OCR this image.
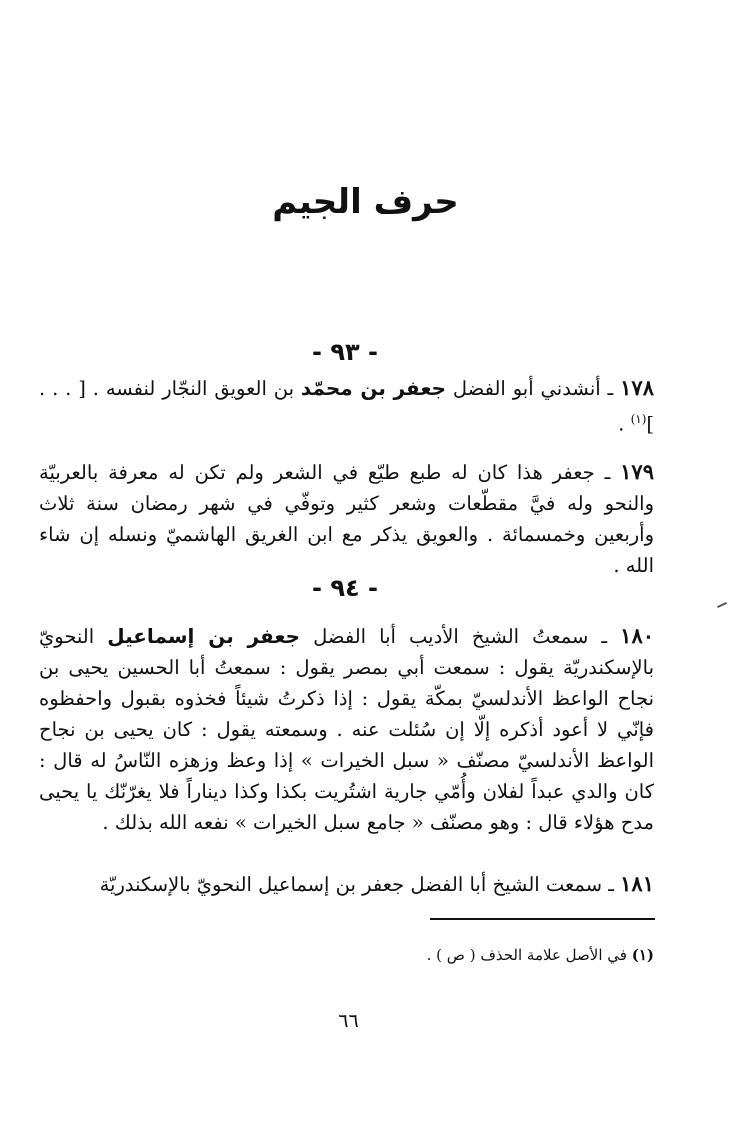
حرف الجيم

- ٩٣ -

١٧٨ ـ أنشدني أبو الفضل جعفر بن محمّد بن العويق النجّار لنفسه . [ . . . ]$^{(١)}$ .

١٧٩ ـ جعفر هذا كان له طبع طيّع في الشعر ولم تكن له معرفة بالعربيّة والنحو وله فيَّ مقطّعات وشعر كثير وتوفّي في شهر رمضان سنة ثلاث وأربعين وخمسمائة . والعويق يذكر مع ابن الغريق الهاشميّ ونسله إن شاء الله .

- ٩٤ -

١٨٠ ـ سمعتُ الشيخ الأديب أبا الفضل جعفر بن إسماعيل النحويّ بالإسكندريّة يقول : سمعت أبي بمصر يقول : سمعتُ أبا الحسين يحيى بن نجاح الواعظ الأندلسيّ بمكّة يقول : إذا ذكرتُ شيئاً فخذوه بقبول واحفظوه فإنّي لا أعود أذكره إلّا إن سُئلت عنه . وسمعته يقول : كان يحيى بن نجاح الواعظ الأندلسيّ مصنّف « سبل الخيرات » إذا وعظ وزهزه النّاسُ له قال : كان والدي عبداً لفلان وأُمّي جارية اشتُريت بكذا وكذا ديناراً فلا يغرّنّك يا يحيى مدح هؤلاء قال : وهو مصنّف « جامع سبل الخيرات » نفعه الله بذلك .

١٨١ ـ سمعت الشيخ أبا الفضل جعفر بن إسماعيل النحويّ بالإسكندريّة

(١) في الأصل علامة الحذف ( ص ) .

٦٦
